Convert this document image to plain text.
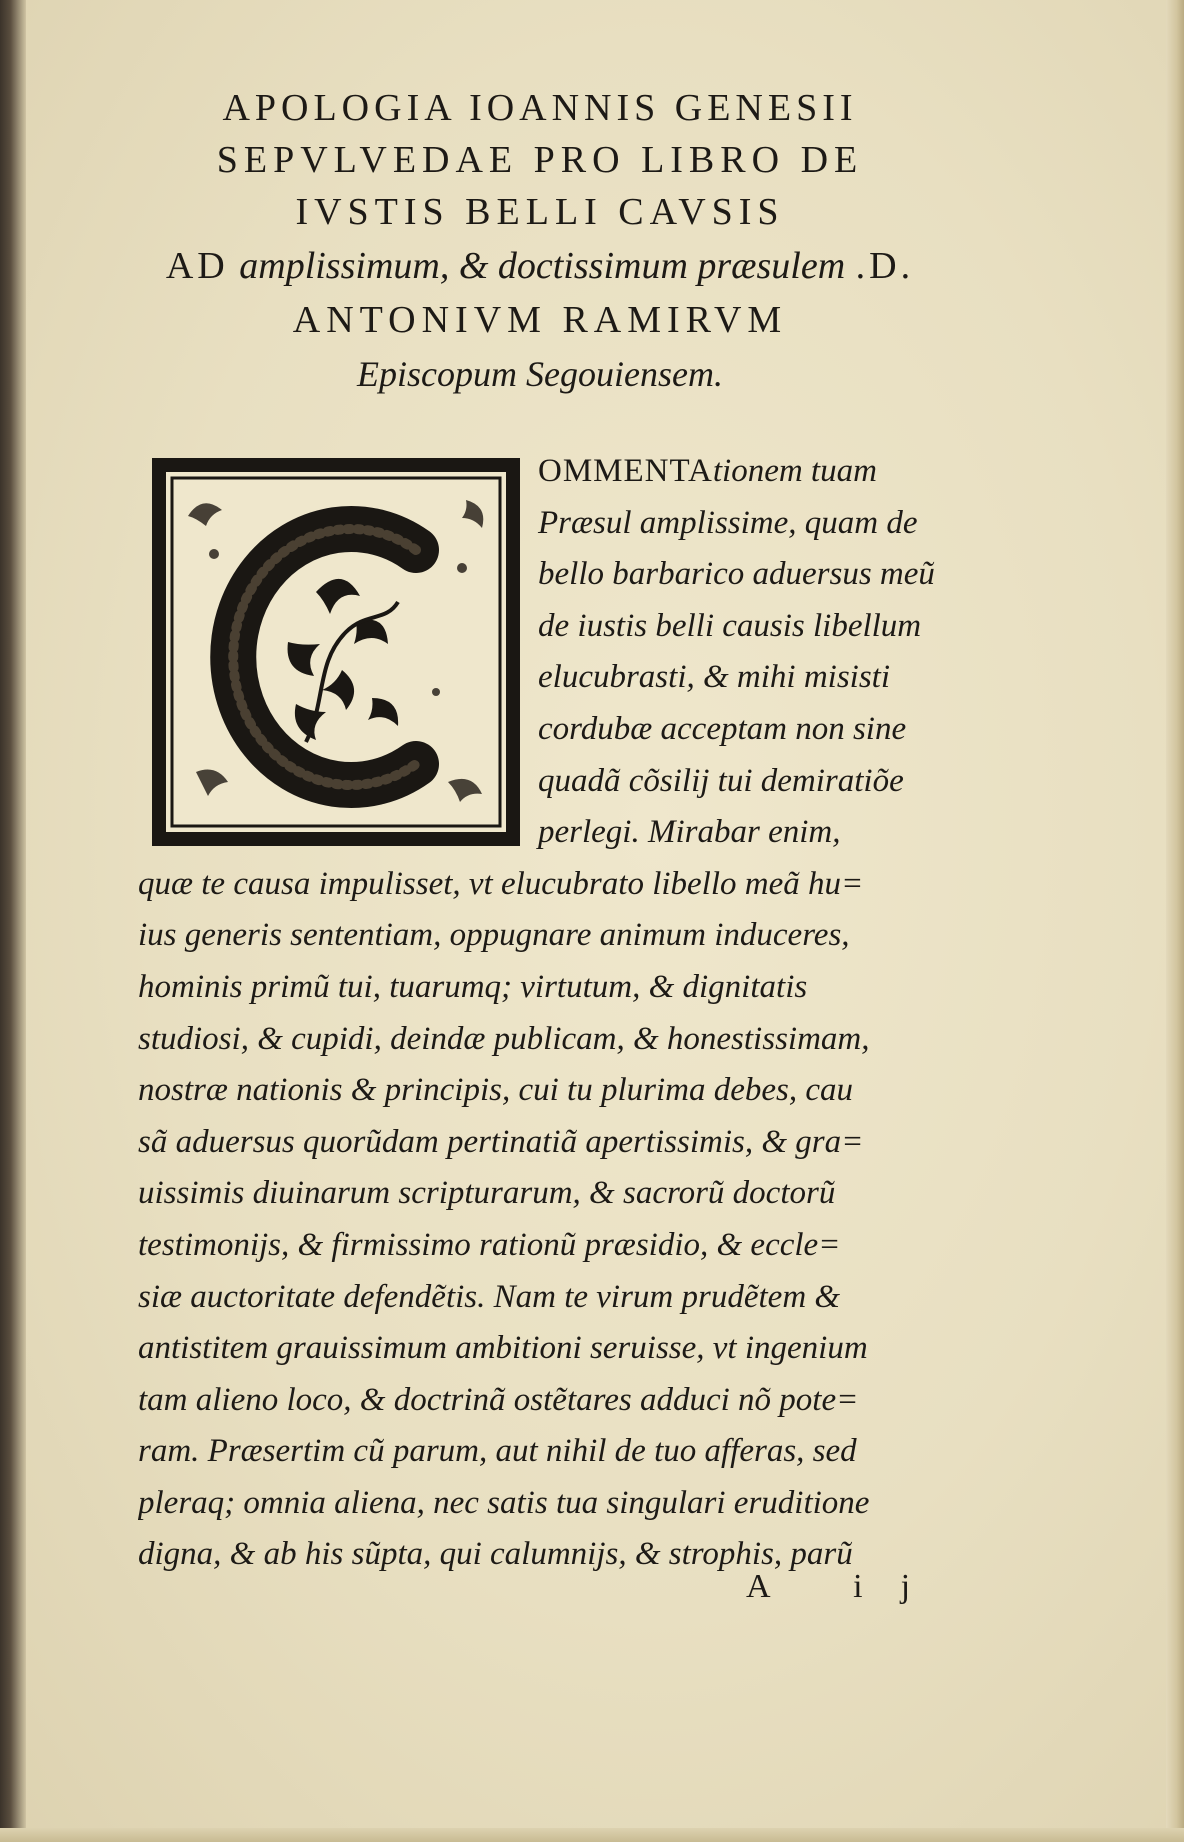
APOLOGIA IOANNIS GENESII
SEPVLVEDAE PRO LIBRO DE
IVSTIS BELLI CAVSIS
AD amplissimum, & doctissimum præsulem .D.
ANTONIVM RAMIRVM
Episcopum Segouiensem.
OMMENTAtionem tuam
Præsul amplissime, quam de
bello barbarico aduersus meũ
de iustis belli causis libellum
elucubrasti, & mihi misisti
cordubæ acceptam non sine
quadã cõsilij tui demiratiõe
perlegi. Mirabar enim,
quæ te causa impulisset, vt elucubrato libello meã hu=
ius generis sententiam, oppugnare animum induceres,
hominis primũ tui, tuarumq; virtutum, & dignitatis
studiosi, & cupidi, deindæ publicam, & honestissimam,
nostræ nationis & principis, cui tu plurima debes, cau
sã aduersus quorũdam pertinatiã apertissimis, & gra=
uissimis diuinarum scripturarum, & sacrorũ doctorũ
testimonijs, & firmissimo rationũ præsidio, & eccle=
siæ auctoritate defendẽtis. Nam te virum prudẽtem &
antistitem grauissimum ambitioni seruisse, vt ingenium
tam alieno loco, & doctrinã ostẽtares adduci nõ pote=
ram. Præsertim cũ parum, aut nihil de tuo afferas, sed
pleraq; omnia aliena, nec satis tua singulari eruditione
digna, & ab his sũpta, qui calumnijs, & strophis, parũ
A ij
